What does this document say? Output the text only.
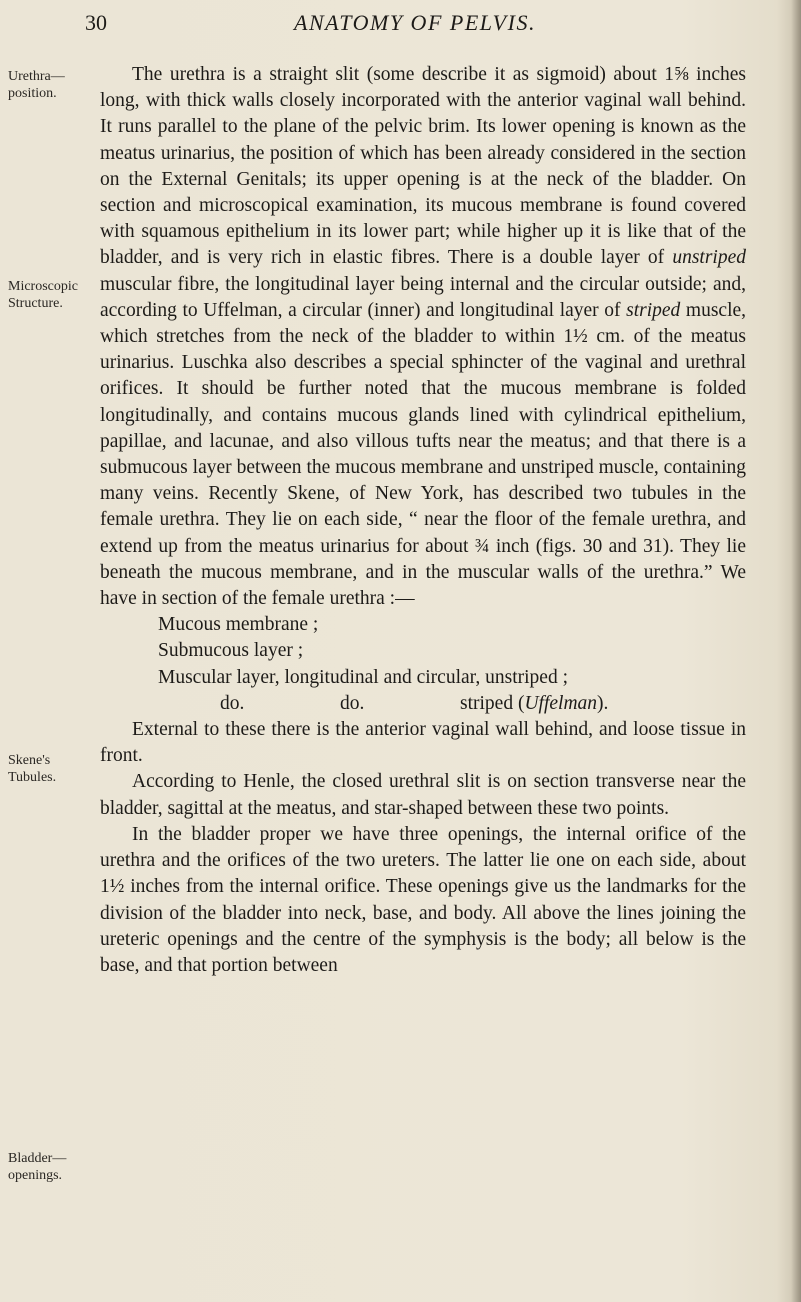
30	ANATOMY OF PELVIS.
Urethra—
position.
Microscopic
Structure.
Skene's
Tubules.
Bladder—
openings.

The urethra is a straight slit (some describe it as sigmoid) about 1⅝ inches long, with thick walls closely incorporated with the anterior vaginal wall behind. It runs parallel to the plane of the pelvic brim. Its lower opening is known as the meatus urinarius, the position of which has been already considered in the section on the External Genitals; its upper opening is at the neck of the bladder. On section and microscopical examination, its mucous membrane is found covered with squamous epithelium in its lower part; while higher up it is like that of the bladder, and is very rich in elastic fibres. There is a double layer of unstriped muscular fibre, the longitudinal layer being internal and the circular outside; and, according to Uffelman, a circular (inner) and longitudinal layer of striped muscle, which stretches from the neck of the bladder to within 1½ cm. of the meatus urinarius. Luschka also describes a special sphincter of the vaginal and urethral orifices. It should be further noted that the mucous membrane is folded longitudinally, and contains mucous glands lined with cylindrical epithelium, papillae, and lacunae, and also villous tufts near the meatus; and that there is a submucous layer between the mucous membrane and unstriped muscle, containing many veins. Recently Skene, of New York, has described two tubules in the female urethra. They lie on each side, “ near the floor of the female urethra, and extend up from the meatus urinarius for about ¾ inch (figs. 30 and 31). They lie beneath the mucous membrane, and in the muscular walls of the urethra.” We have in section of the female urethra :—

Mucous membrane ;
Submucous layer ;
Muscular layer, longitudinal and circular, unstriped ;
do.	do.	striped (Uffelman).

External to these there is the anterior vaginal wall behind, and loose tissue in front.

According to Henle, the closed urethral slit is on section transverse near the bladder, sagittal at the meatus, and star-shaped between these two points.

In the bladder proper we have three openings, the internal orifice of the urethra and the orifices of the two ureters. The latter lie one on each side, about 1½ inches from the internal orifice. These openings give us the landmarks for the division of the bladder into neck, base, and body. All above the lines joining the ureteric openings and the centre of the symphysis is the body; all below is the base, and that portion between
